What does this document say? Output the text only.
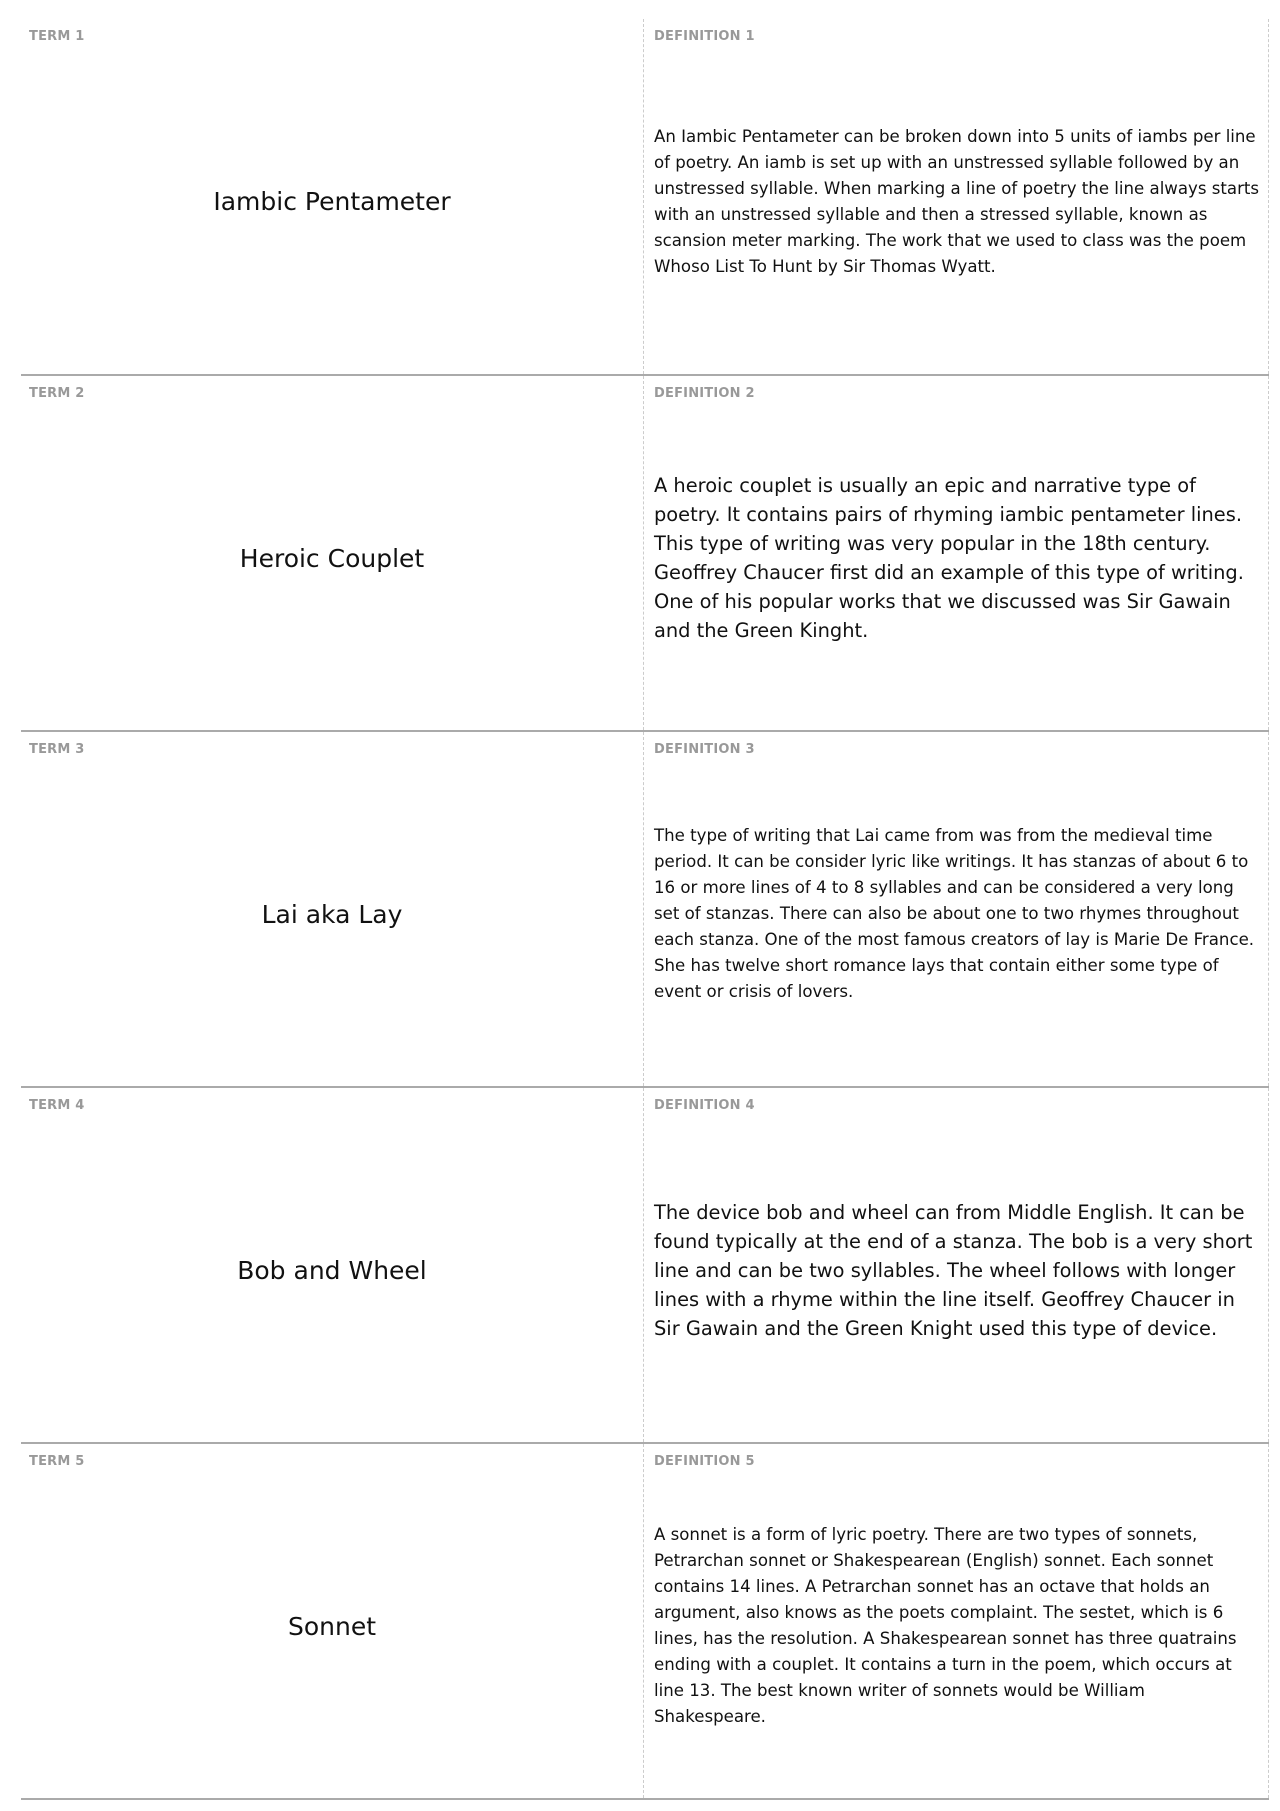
TERM 1
Iambic Pentameter
DEFINITION 1
An Iambic Pentameter can be broken down into 5 units of iambs per line of poetry. An iamb is set up with an unstressed syllable followed by an unstressed syllable. When marking a line of poetry the line always starts with an unstressed syllable and then a stressed syllable, known as scansion meter marking. The work that we used to class was the poem Whoso List To Hunt by Sir Thomas Wyatt.
TERM 2
Heroic Couplet
DEFINITION 2
A heroic couplet is usually an epic and narrative type of poetry. It contains pairs of rhyming iambic pentameter lines. This type of writing was very popular in the 18th century. Geoffrey Chaucer first did an example of this type of writing. One of his popular works that we discussed was Sir Gawain and the Green Kinght.
TERM 3
Lai aka Lay
DEFINITION 3
The type of writing that Lai came from was from the medieval time period. It can be consider lyric like writings. It has stanzas of about 6 to 16 or more lines of 4 to 8 syllables and can be considered a very long set of stanzas. There can also be about one to two rhymes throughout each stanza. One of the most famous creators of lay is Marie De France. She has twelve short romance lays that contain either some type of event or crisis of lovers.
TERM 4
Bob and Wheel
DEFINITION 4
The device bob and wheel can from Middle English. It can be found typically at the end of a stanza. The bob is a very short line and can be two syllables. The wheel follows with longer lines with a rhyme within the line itself. Geoffrey Chaucer in Sir Gawain and the Green Knight used this type of device.
TERM 5
Sonnet
DEFINITION 5
A sonnet is a form of lyric poetry. There are two types of sonnets, Petrarchan sonnet or Shakespearean (English) sonnet. Each sonnet contains 14 lines. A Petrarchan sonnet has an octave that holds an argument, also knows as the poets complaint. The sestet, which is 6 lines, has the resolution. A Shakespearean sonnet has three quatrains ending with a couplet. It contains a turn in the poem, which occurs at line 13. The best known writer of sonnets would be William Shakespeare.
